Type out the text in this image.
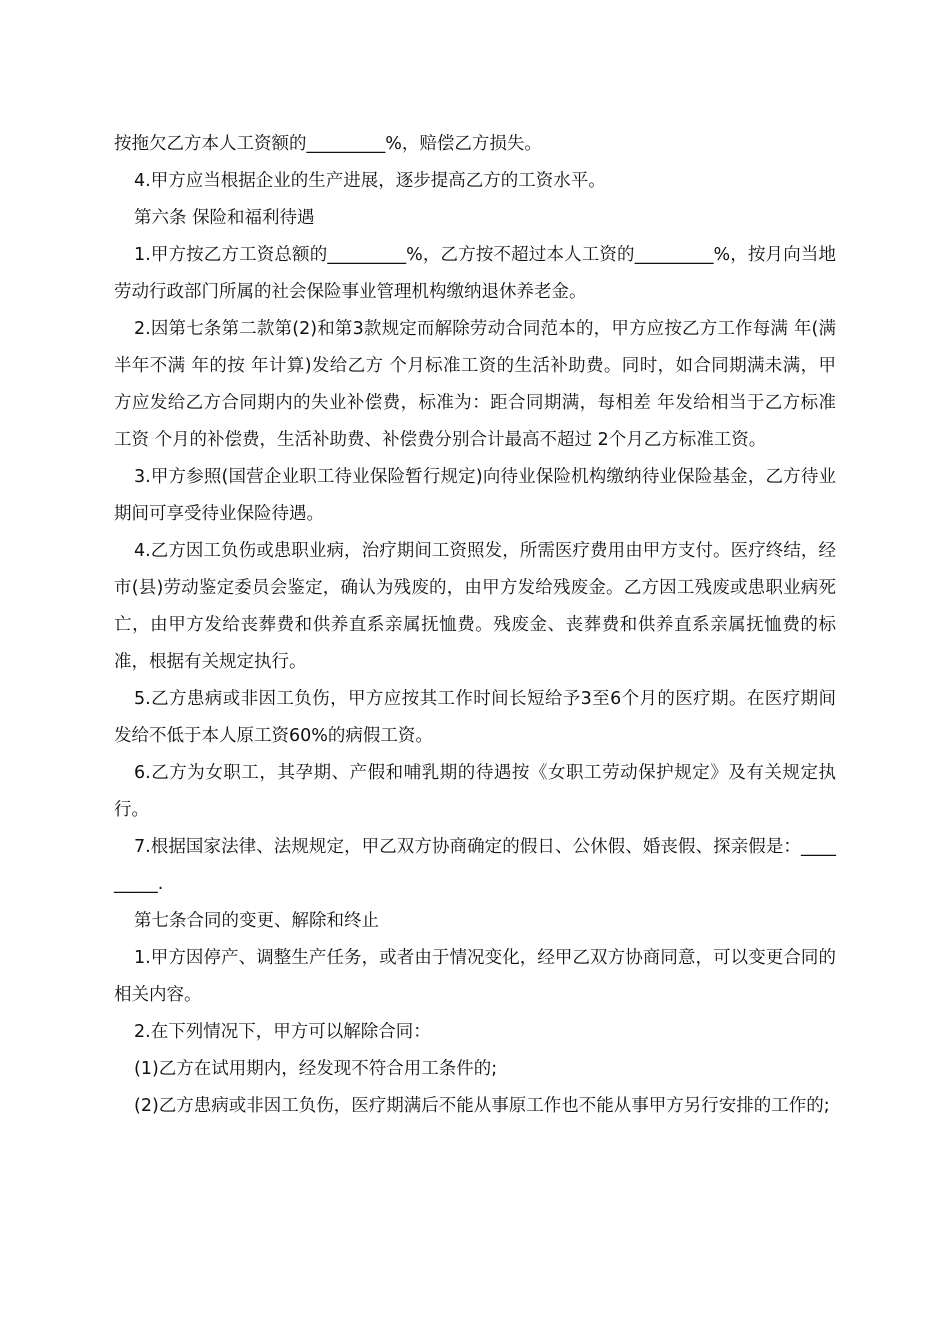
按拖欠乙方本人工资额的_________%，赔偿乙方损失。

4.甲方应当根据企业的生产进展，逐步提高乙方的工资水平。

第六条 保险和福利待遇

1.甲方按乙方工资总额的_________%，乙方按不超过本人工资的_________%，按月向当地劳动行政部门所属的社会保险事业管理机构缴纳退休养老金。

2.因第七条第二款第(2)和第3款规定而解除劳动合同范本的，甲方应按乙方工作每满 年(满半年不满 年的按 年计算)发给乙方 个月标准工资的生活补助费。同时，如合同期满未满，甲方应发给乙方合同期内的失业补偿费，标准为：距合同期满，每相差 年发给相当于乙方标准工资 个月的补偿费，生活补助费、补偿费分别合计最高不超过 2个月乙方标准工资。

3.甲方参照(国营企业职工待业保险暂行规定)向待业保险机构缴纳待业保险基金，乙方待业期间可享受待业保险待遇。

4.乙方因工负伤或患职业病，治疗期间工资照发，所需医疗费用由甲方支付。医疗终结，经市(县)劳动鉴定委员会鉴定，确认为残废的，由甲方发给残废金。乙方因工残废或患职业病死亡，由甲方发给丧葬费和供养直系亲属抚恤费。残废金、丧葬费和供养直系亲属抚恤费的标准，根据有关规定执行。

5.乙方患病或非因工负伤，甲方应按其工作时间长短给予3至6个月的医疗期。在医疗期间发给不低于本人原工资60%的病假工资。

6.乙方为女职工，其孕期、产假和哺乳期的待遇按《女职工劳动保护规定》及有关规定执行。

7.根据国家法律、法规规定，甲乙双方协商确定的假日、公休假、婚丧假、探亲假是：_________.

第七条合同的变更、解除和终止

1.甲方因停产、调整生产任务，或者由于情况变化，经甲乙双方协商同意，可以变更合同的相关内容。

2.在下列情况下，甲方可以解除合同：

(1)乙方在试用期内，经发现不符合用工条件的;

(2)乙方患病或非因工负伤，医疗期满后不能从事原工作也不能从事甲方另行安排的工作的;
